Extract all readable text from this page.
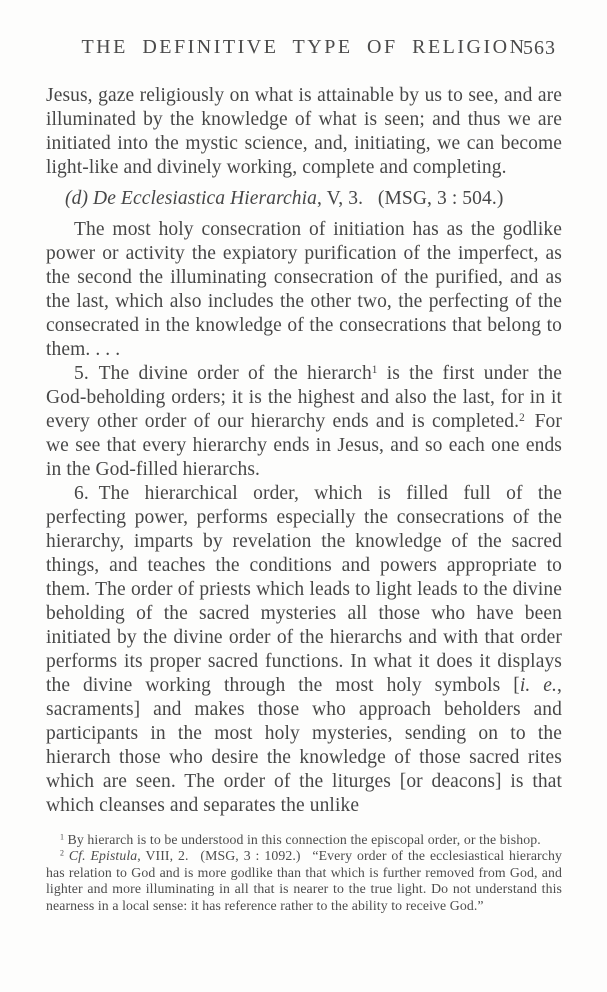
THE DEFINITIVE TYPE OF RELIGION
563

Jesus, gaze religiously on what is attainable by us to see, and are illuminated by the knowledge of what is seen; and thus we are initiated into the mystic science, and, initiating, we can become light-like and divinely working, complete and completing.

(d) De Ecclesiastica Hierarchia, V, 3.  (MSG, 3 : 504.)

The most holy consecration of initiation has as the godlike power or activity the expiatory purification of the imperfect, as the second the illuminating consecration of the purified, and as the last, which also includes the other two, the perfecting of the consecrated in the knowledge of the consecrations that belong to them. . . .

5. The divine order of the hierarch$^1$ is the first under the God-beholding orders; it is the highest and also the last, for in it every other order of our hierarchy ends and is completed.$^2$ For we see that every hierarchy ends in Jesus, and so each one ends in the God-filled hierarchs.

6. The hierarchical order, which is filled full of the perfecting power, performs especially the consecrations of the hierarchy, imparts by revelation the knowledge of the sacred things, and teaches the conditions and powers appropriate to them. The order of priests which leads to light leads to the divine beholding of the sacred mysteries all those who have been initiated by the divine order of the hierarchs and with that order performs its proper sacred functions. In what it does it displays the divine working through the most holy symbols [i. e., sacraments] and makes those who approach beholders and participants in the most holy mysteries, sending on to the hierarch those who desire the knowledge of those sacred rites which are seen. The order of the liturges [or deacons] is that which cleanses and separates the unlike

$^1$ By hierarch is to be understood in this connection the episcopal order, or the bishop.

$^2$ Cf. Epistula, VIII, 2.  (MSG, 3 : 1092.)  “Every order of the ecclesiastical hierarchy has relation to God and is more godlike than that which is further removed from God, and lighter and more illuminating in all that is nearer to the true light. Do not understand this nearness in a local sense: it has reference rather to the ability to receive God.”
